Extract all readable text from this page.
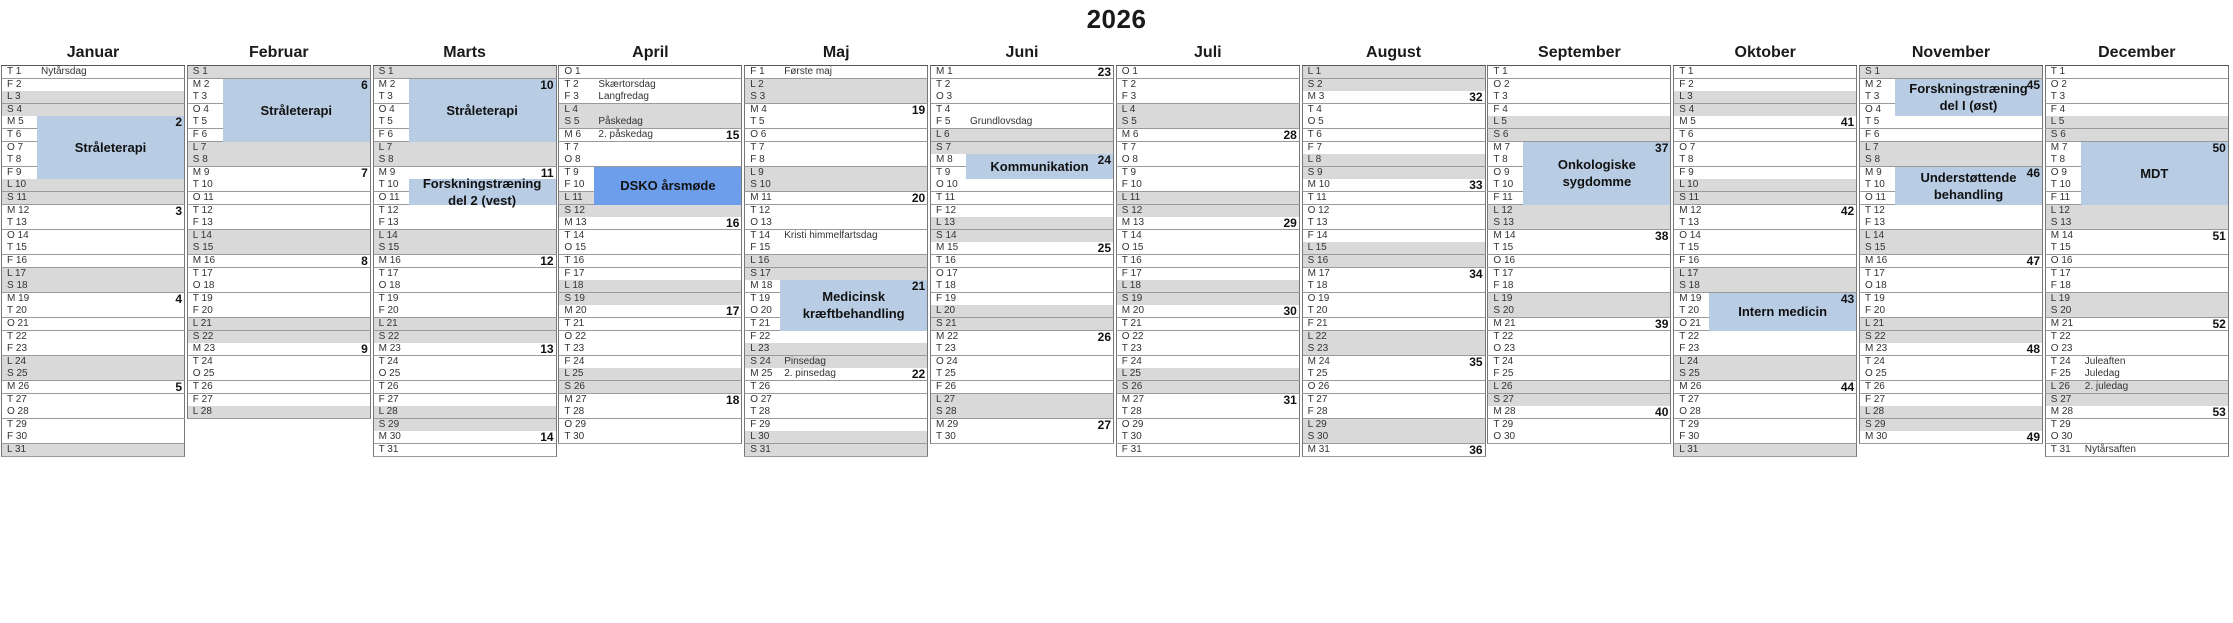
2026
Januar
T 1 Nytårsdag
F 2
L 3
S 4
M 5
T 6
O 7
T 8
F 9
L 10
S 11
M 12
T 13
O 14
T 15
F 16
L 17
S 18
M 19
T 20
O 21
T 22
F 23
L 24
S 25
M 26
T 27
O 28
T 29
F 30
L 31
Stråleterapi
2
3
4
5
Februar
S 1
M 2
T 3
O 4
T 5
F 6
L 7
S 8
M 9
T 10
O 11
T 12
F 13
L 14
S 15
M 16
T 17
O 18
T 19
F 20
L 21
S 22
M 23
T 24
O 25
T 26
F 27
L 28
Stråleterapi
6
7
8
9
Marts
S 1
M 2
T 3
O 4
T 5
F 6
L 7
S 8
M 9
T 10
O 11
T 12
F 13
L 14
S 15
M 16
T 17
O 18
T 19
F 20
L 21
S 22
M 23
T 24
O 25
T 26
F 27
L 28
S 29
M 30
T 31
Stråleterapi
Forskningstræning del 2 (vest)
10
11
12
13
14
April
O 1
T 2 Skærtorsdag
F 3 Langfredag
L 4
S 5 Påskedag
M 6 2. påskedag
T 7
O 8
T 9
F 10
L 11
S 12
M 13
T 14
O 15
T 16
F 17
L 18
S 19
M 20
T 21
O 22
T 23
F 24
L 25
S 26
M 27
T 28
O 29
T 30
DSKO årsmøde
15
16
17
18
Maj
F 1 Første maj
L 2
S 3
M 4
T 5
O 6
T 7
F 8
L 9
S 10
M 11
T 12
O 13
T 14 Kristi himmelfartsdag
F 15
L 16
S 17
M 18
T 19
O 20
T 21
F 22
L 23
S 24 Pinsedag
M 25 2. pinsedag
T 26
O 27
T 28
F 29
L 30
S 31
Medicinsk kræftbehandling
19
20
21
22
Juni
M 1
T 2
O 3
T 4
F 5 Grundlovsdag
L 6
S 7
M 8
T 9
O 10
T 11
F 12
L 13
S 14
M 15
T 16
O 17
T 18
F 19
L 20
S 21
M 22
T 23
O 24
T 25
F 26
L 27
S 28
M 29
T 30
Kommunikation
23
24
25
26
27
Juli
O 1
T 2
F 3
L 4
S 5
M 6
T 7
O 8
T 9
F 10
L 11
S 12
M 13
T 14
O 15
T 16
F 17
L 18
S 19
M 20
T 21
O 22
T 23
F 24
L 25
S 26
M 27
T 28
O 29
T 30
F 31
28
29
30
31
August
L 1
S 2
M 3
T 4
O 5
T 6
F 7
L 8
S 9
M 10
T 11
O 12
T 13
F 14
L 15
S 16
M 17
T 18
O 19
T 20
F 21
L 22
S 23
M 24
T 25
O 26
T 27
F 28
L 29
S 30
M 31
32
33
34
35
36
September
T 1
O 2
T 3
F 4
L 5
S 6
M 7
T 8
O 9
T 10
F 11
L 12
S 13
M 14
T 15
O 16
T 17
F 18
L 19
S 20
M 21
T 22
O 23
T 24
F 25
L 26
S 27
M 28
T 29
O 30
Onkologiske sygdomme
37
38
39
40
Oktober
T 1
F 2
L 3
S 4
M 5
T 6
O 7
T 8
F 9
L 10
S 11
M 12
T 13
O 14
T 15
F 16
L 17
S 18
M 19
T 20
O 21
T 22
F 23
L 24
S 25
M 26
T 27
O 28
T 29
F 30
L 31
Intern medicin
41
42
43
44
November
S 1
M 2
T 3
O 4
T 5
F 6
L 7
S 8
M 9
T 10
O 11
T 12
F 13
L 14
S 15
M 16
T 17
O 18
T 19
F 20
L 21
S 22
M 23
T 24
O 25
T 26
F 27
L 28
S 29
M 30
Forskningstræning del I (øst)
Understøttende behandling
45
46
47
48
49
December
T 1
O 2
T 3
F 4
L 5
S 6
M 7
T 8
O 9
T 10
F 11
L 12
S 13
M 14
T 15
O 16
T 17
F 18
L 19
S 20
M 21
T 22
O 23
T 24 Juleaften
F 25 Juledag
L 26 2. juledag
S 27
M 28
T 29
O 30
T 31 Nytårsaften
MDT
50
51
52
53
